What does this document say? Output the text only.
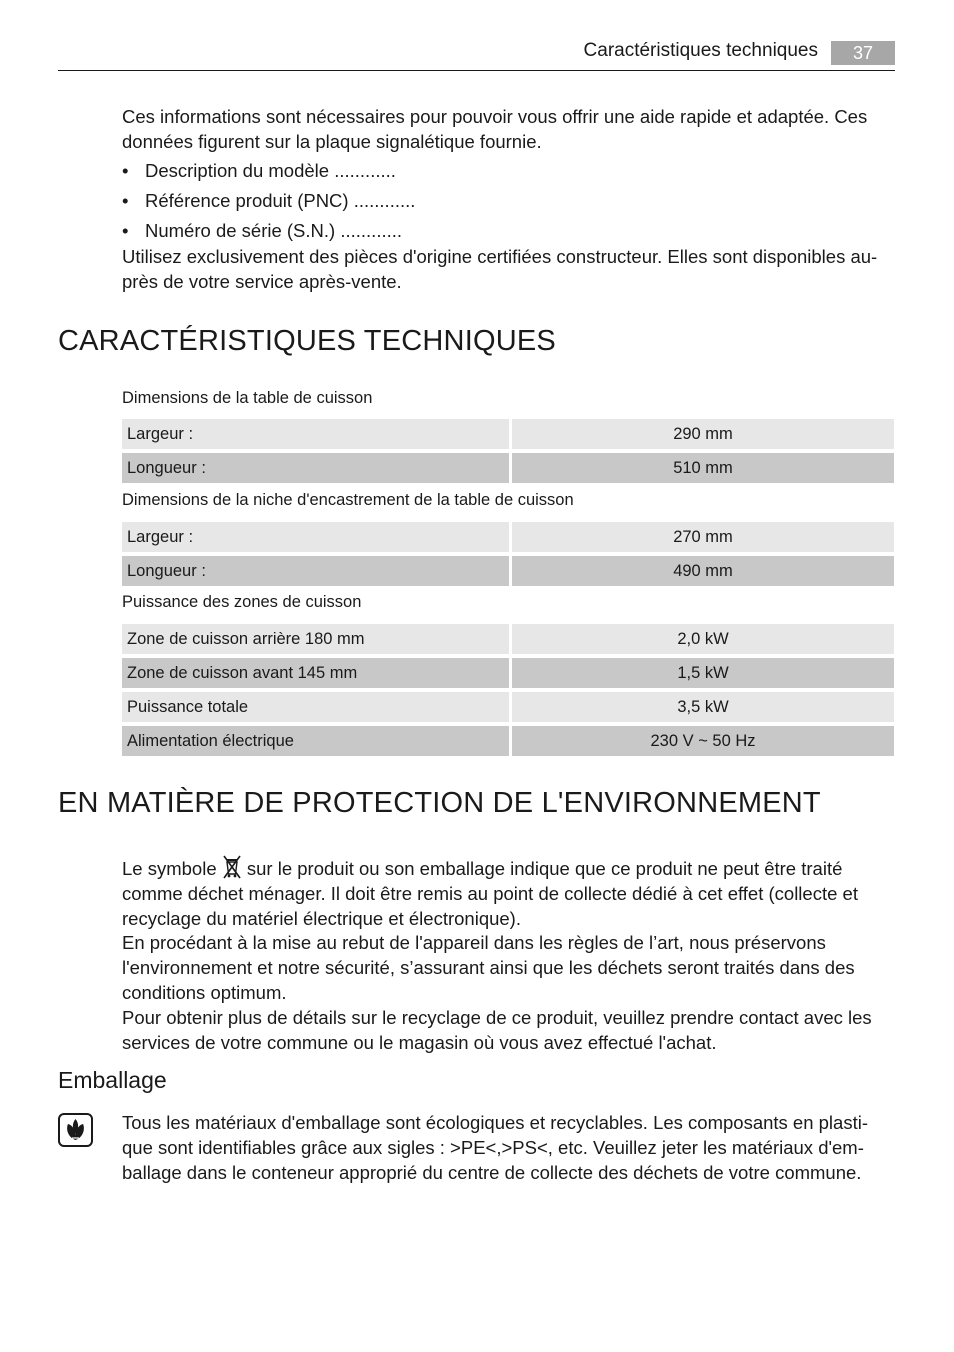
Caractéristiques techniques	37

Ces informations sont nécessaires pour pouvoir vous offrir une aide rapide et adaptée. Ces données figurent sur la plaque signalétique fournie.

• Description du modèle ............
• Référence produit (PNC) ............
• Numéro de série (S.N.) ............

Utilisez exclusivement des pièces d'origine certifiées constructeur. Elles sont disponibles au-près de votre service après-vente.

CARACTÉRISTIQUES TECHNIQUES
Dimensions de la table de cuisson
Largeur :	290 mm
Longueur :	510 mm
Dimensions de la niche d'encastrement de la table de cuisson
Largeur :	270 mm
Longueur :	490 mm
Puissance des zones de cuisson
Zone de cuisson arrière 180 mm	2,0 kW
Zone de cuisson avant 145 mm	1,5 kW
Puissance totale	3,5 kW
Alimentation électrique	230 V ~ 50 Hz
EN MATIÈRE DE PROTECTION DE L'ENVIRONNEMENT

Le symbole sur le produit ou son emballage indique que ce produit ne peut être traité comme déchet ménager. Il doit être remis au point de collecte dédié à cet effet (collecte et recyclage du matériel électrique et électronique).

En procédant à la mise au rebut de l'appareil dans les règles de l’art, nous préservons l'environnement et notre sécurité, s’assurant ainsi que les déchets seront traités dans des conditions optimum.

Pour obtenir plus de détails sur le recyclage de ce produit, veuillez prendre contact avec les services de votre commune ou le magasin où vous avez effectué l'achat.

Emballage

Tous les matériaux d'emballage sont écologiques et recyclables. Les composants en plasti-que sont identifiables grâce aux sigles : >PE<,>PS<, etc. Veuillez jeter les matériaux d'em-ballage dans le conteneur approprié du centre de collecte des déchets de votre commune.
